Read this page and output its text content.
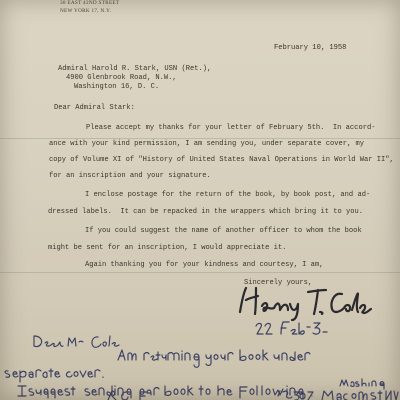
30 EAST 42ND STREET
NEW YORK 17, N.Y.
February 10, 1958
Admiral Harold R. Stark, USN (Ret.),
4900 Glenbrook Road, N.W.,
Washington 16, D. C.
Dear Admiral Stark:
Please accept my thanks for your letter of February 5th.  In accord-
ance with your kind permission, I am sending you, under separate cover, my
copy of Volume XI of "History of United States Naval Operations in World War II",
for an inscription and your signature.
I enclose postage for the return of the book, by book post, and ad-
dressed labels.  It can be repacked in the wrappers which bring it to you.
If you could suggest the name of another officer to whom the book
might be sent for an inscription, I would appreciate it.
Again thanking you for your kindness and courtesy, I am,
Sincerely yours,
